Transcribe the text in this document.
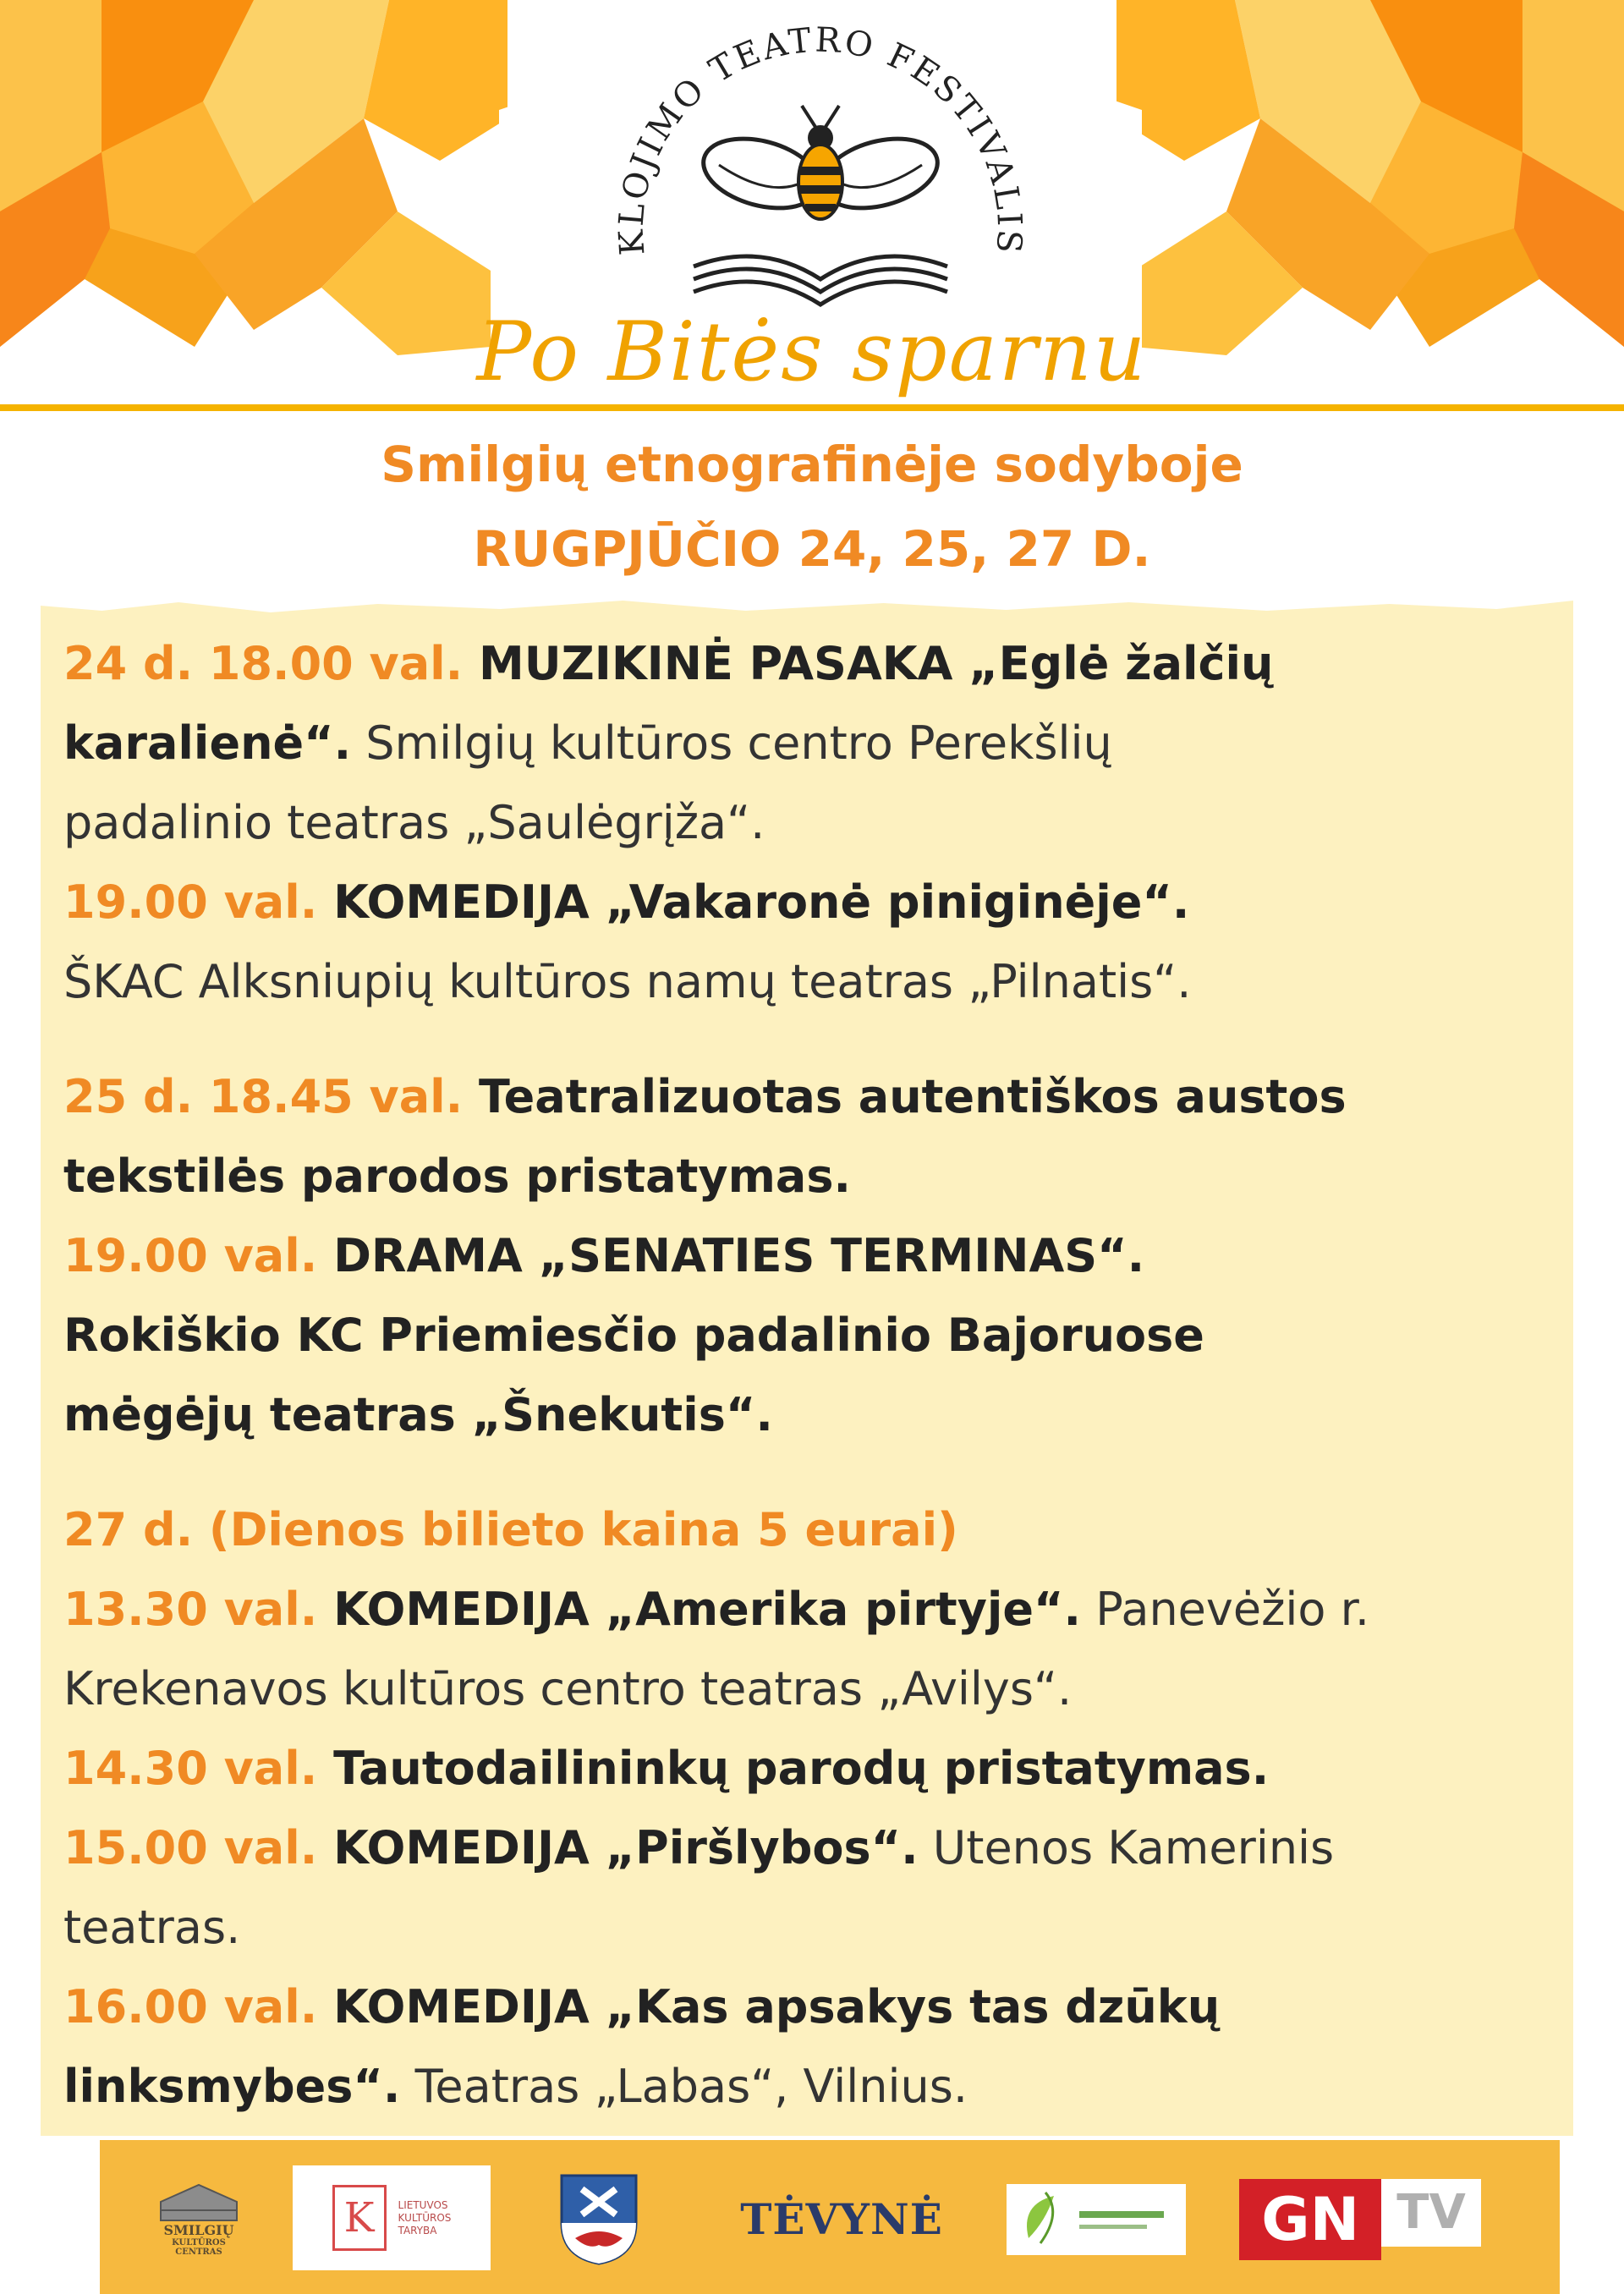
KLOJIMO TEATRO FESTIVALIS
Po Bitės sparnu
Smilgių etnografinėje sodyboje
RUGPJŪČIO 24, 25, 27 D.
24 d. 18.00 val. MUZIKINĖ PASAKA „Eglė žalčių
karalienė“. Smilgių kultūros centro Perekšlių
padalinio teatras „Saulėgrįža“.
19.00 val. KOMEDIJA „Vakaronė piniginėje“.
ŠKAC Alksniupių kultūros namų teatras „Pilnatis“.
25 d. 18.45 val. Teatralizuotas autentiškos austos
tekstilės parodos pristatymas.
19.00 val. DRAMA „SENATIES TERMINAS“.
Rokiškio KC Priemiesčio padalinio Bajoruose
mėgėjų teatras „Šnekutis“.
27 d. (Dienos bilieto kaina 5 eurai)
13.30 val. KOMEDIJA „Amerika pirtyje“. Panevėžio r.
Krekenavos kultūros centro teatras „Avilys“.
14.30 val. Tautodailininkų parodų pristatymas.
15.00 val. KOMEDIJA „Piršlybos“. Utenos Kamerinis
teatras.
16.00 val. KOMEDIJA „Kas apsakys tas dzūkų
linksmybes“. Teatras „Labas“, Vilnius.
SMILGIŲ
KULTŪROS
CENTRAS
K	LIETUVOS
KULTŪROS
TARYBA	TĖVYNĖ	GN TV
